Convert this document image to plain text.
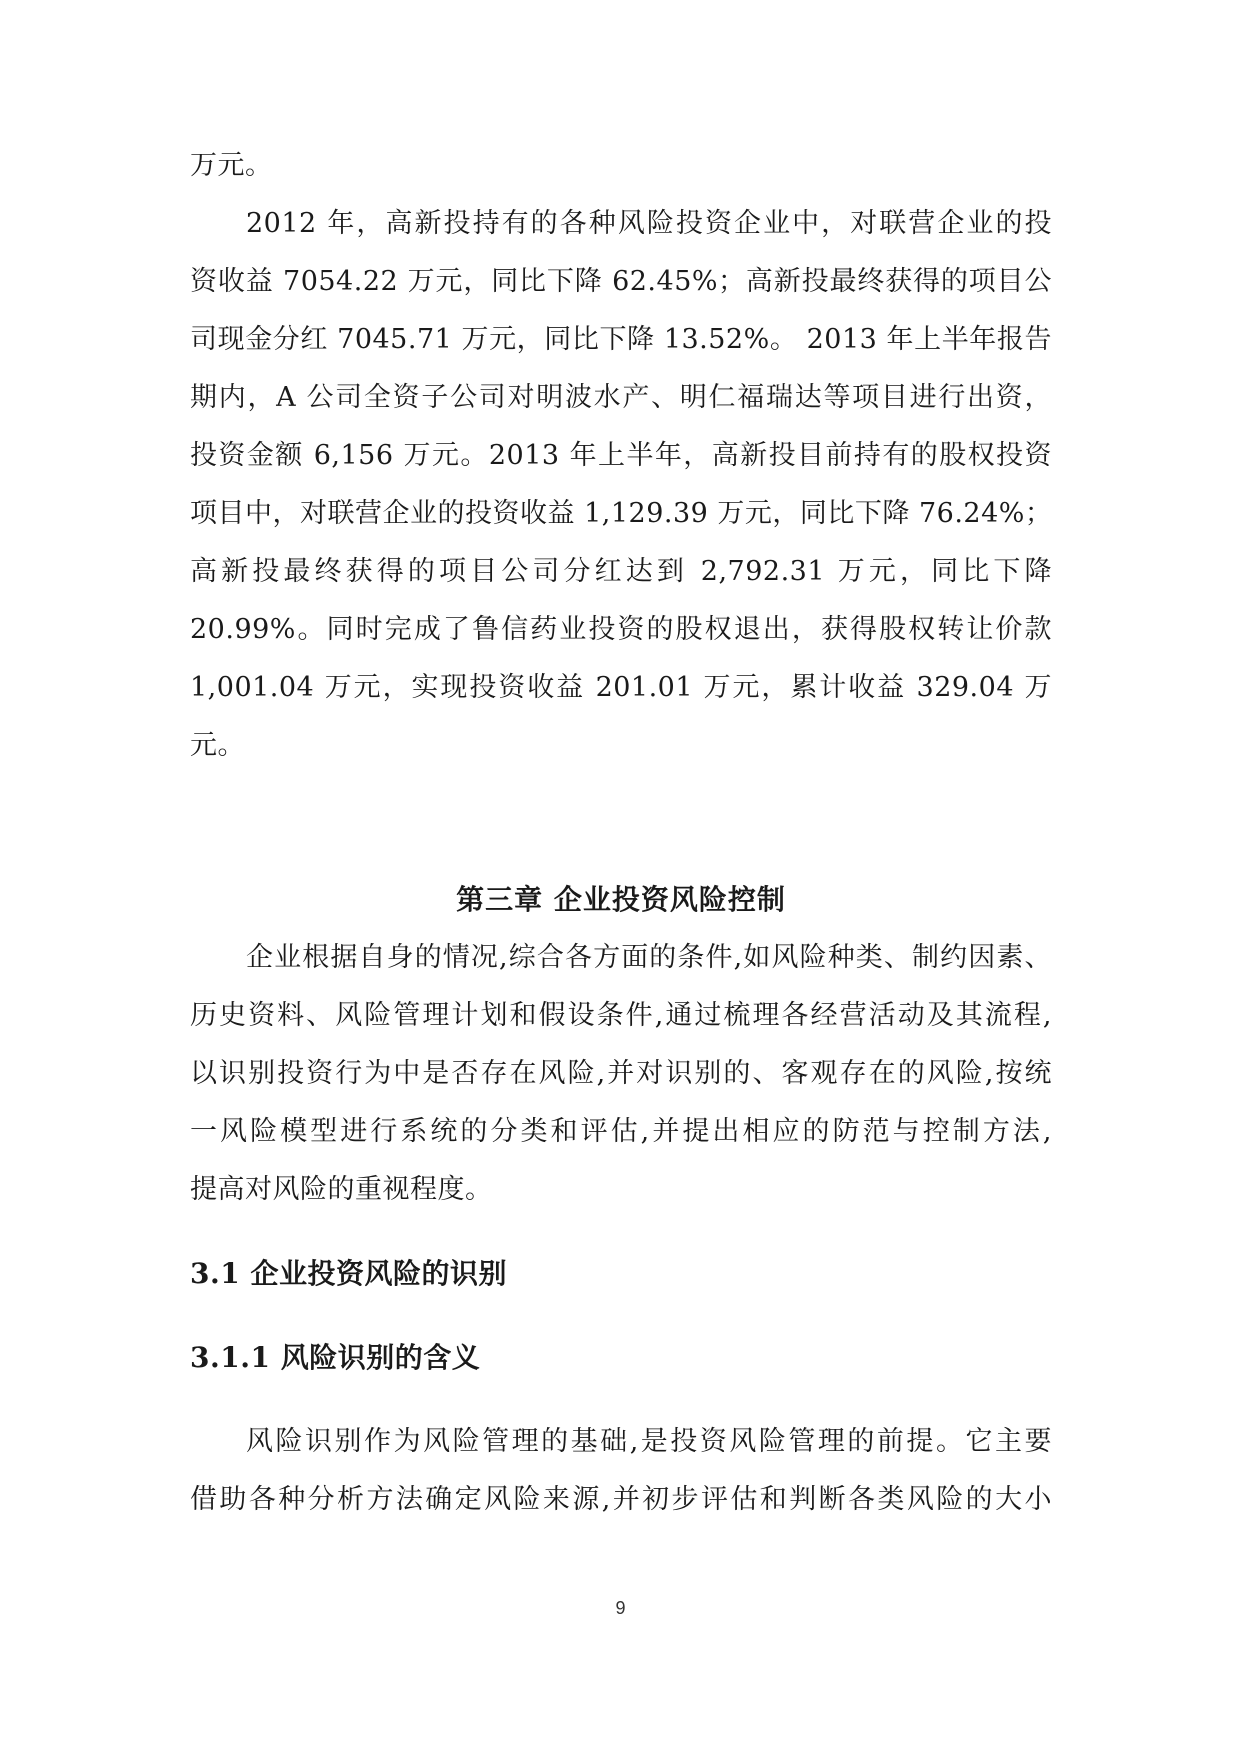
万元。
2012 年，高新投持有的各种风险投资企业中，对联营企业的投
资收益 7054.22 万元，同比下降 62.45%；高新投最终获得的项目公
司现金分红 7045.71 万元，同比下降 13.52%。 2013 年上半年报告
期内，A 公司全资子公司对明波水产、明仁福瑞达等项目进行出资，
投资金额 6,156 万元。2013 年上半年，高新投目前持有的股权投资
项目中，对联营企业的投资收益 1,129.39 万元，同比下降 76.24%；
高新投最终获得的项目公司分红达到 2,792.31 万元，同比下降
20.99%。同时完成了鲁信药业投资的股权退出，获得股权转让价款
1,001.04 万元，实现投资收益 201.01 万元，累计收益 329.04 万
元。
第三章 企业投资风险控制
企业根据自身的情况,综合各方面的条件,如风险种类、制约因素、
历史资料、风险管理计划和假设条件,通过梳理各经营活动及其流程,
以识别投资行为中是否存在风险,并对识别的、客观存在的风险,按统
一风险模型进行系统的分类和评估,并提出相应的防范与控制方法,
提高对风险的重视程度。
3.1 企业投资风险的识别
3.1.1 风险识别的含义
风险识别作为风险管理的基础,是投资风险管理的前提。它主要
借助各种分析方法确定风险来源,并初步评估和判断各类风险的大小
9
